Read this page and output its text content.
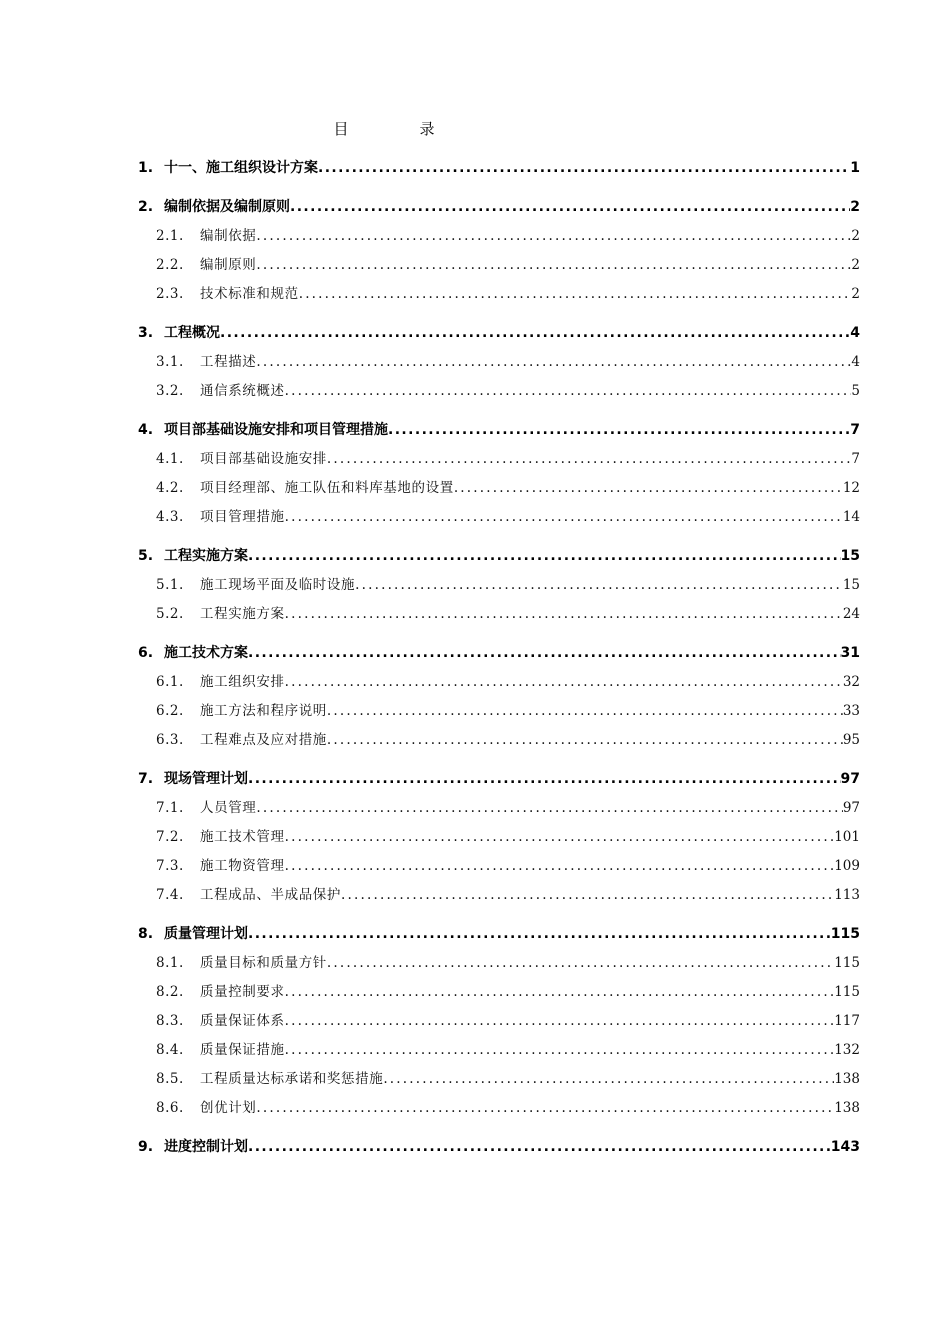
目　录
1. 十一、施工组织设计方案 .....	1
2. 编制依据及编制原则 .....	2
2.1.	编制依据 .....	2
2.2.	编制原则 .....	2
2.3.	技术标准和规范 .....	2
3. 工程概况 .....	4
3.1.	工程描述 .....	4
3.2.	通信系统概述 .....	5
4. 项目部基础设施安排和项目管理措施 .....	7
4.1.	项目部基础设施安排 .....	7
4.2.	项目经理部、施工队伍和料库基地的设置 .....	12
4.3.	项目管理措施 .....	14
5. 工程实施方案 .....	15
5.1.	施工现场平面及临时设施 .....	15
5.2.	工程实施方案 .....	24
6. 施工技术方案 .....	31
6.1.	施工组织安排 .....	32
6.2.	施工方法和程序说明 .....	33
6.3.	工程难点及应对措施 .....	95
7. 现场管理计划 .....	97
7.1.	人员管理 .....	97
7.2.	施工技术管理 .....	101
7.3.	施工物资管理 .....	109
7.4.	工程成品、半成品保护 .....	113
8. 质量管理计划 .....	115
8.1.	质量目标和质量方针 .....	115
8.2.	质量控制要求 .....	115
8.3.	质量保证体系 .....	117
8.4.	质量保证措施 .....	132
8.5.	工程质量达标承诺和奖惩措施 .....	138
8.6.	创优计划 .....	138
9. 进度控制计划 .....	143
